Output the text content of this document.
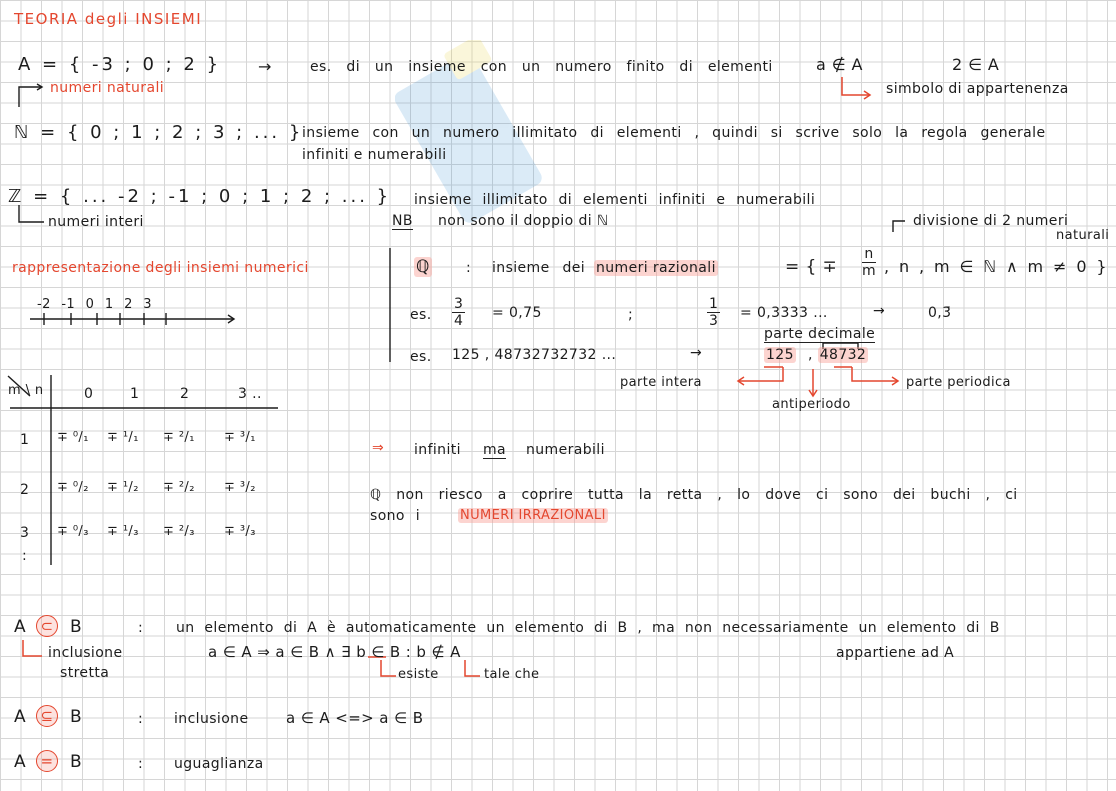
TEORIA degli INSIEMI
A = { -3 ; 0 ; 2 } →	es. di un insieme con un numero finito di elementi	a ∉ A	2 ∈ A
simbolo di appartenenza
numeri naturali
ℕ = { 0 ; 1 ; 2 ; 3 ; ... }
insieme con un numero illimitato di elementi , quindi si scrive solo la regola generale
infiniti e numerabili
ℤ = { ... -2 ; -1 ; 0 ; 1 ; 2 ; ... }
numeri interi
insieme illimitato di elementi infiniti e numerabili
NB non sono il doppio di ℕ	divisione di 2 numeri
naturali
rappresentazione degli insiemi numerici
-2 -1 0 1 2 3
ℚ	: insieme dei numeri razionali	= { ∓ $\frac{n}{m}$ , n , m ∈ ℕ ∧ m ≠ 0 }
es. $\frac{3}{4} = 0,75$	;	$\frac{1}{3} = 0,3333$ ...	→	0,3̄
parte decimale
es. 125 , 48732732732 ...	→	125 , 48732
parte intera	parte periodica
antiperiodo
m \ n	0	1	2	3 ..
1 ∓ ⁰/₁ ∓ ¹/₁ ∓ ²/₁ ∓ ³/₁
2 ∓ ⁰/₂ ∓ ¹/₂ ∓ ²/₂ ∓ ³/₂
3 ∓ ⁰/₃ ∓ ¹/₃ ∓ ²/₃ ∓ ³/₃
:
⇒ infiniti ma numerabili
ℚ non riesco a coprire tutta la retta , lo dove ci sono dei buchi , ci
sono i	NUMERI IRRAZIONALI
A ⊂ B	: un elemento di A è automaticamente un elemento di B , ma non necessariamente un elemento di B
inclusione
stretta
a ∈ A ⇒ a ∈ B ∧ ∃ b ∈ B : b ∉ A
esiste	tale che
appartiene ad A
A ⊆ B	: inclusione	a ∈ A <=> a ∈ B
A = B	: uguaglianza
